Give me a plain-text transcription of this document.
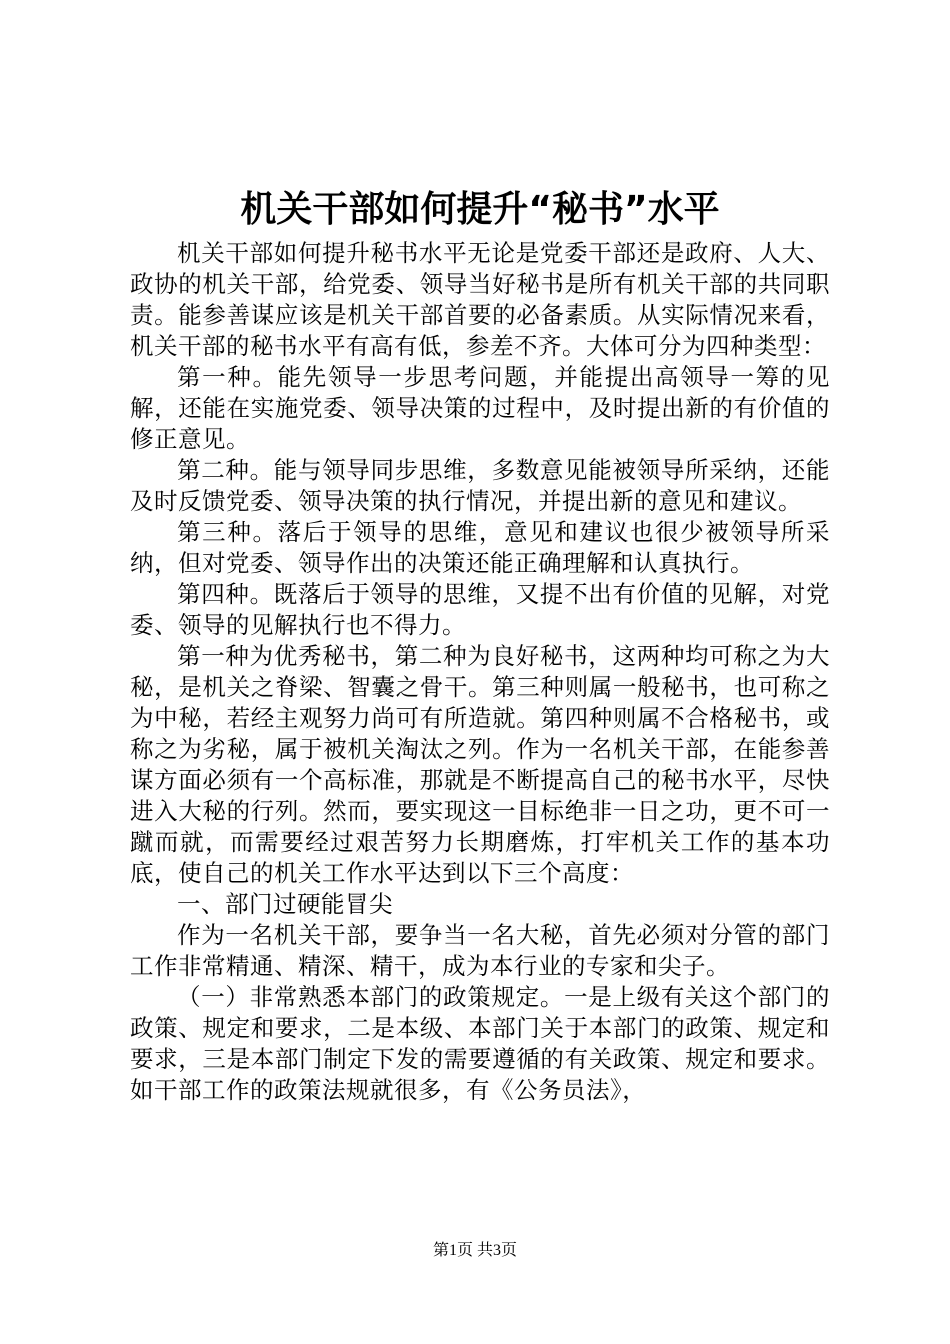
机关干部如何提升“秘书”水平

机关干部如何提升秘书水平无论是党委干部还是政府、人大、政协的机关干部，给党委、领导当好秘书是所有机关干部的共同职责。能参善谋应该是机关干部首要的必备素质。从实际情况来看，机关干部的秘书水平有高有低，参差不齐。大体可分为四种类型：

第一种。能先领导一步思考问题，并能提出高领导一筹的见解，还能在实施党委、领导决策的过程中，及时提出新的有价值的修正意见。

第二种。能与领导同步思维，多数意见能被领导所采纳，还能及时反馈党委、领导决策的执行情况，并提出新的意见和建议。

第三种。落后于领导的思维，意见和建议也很少被领导所采纳，但对党委、领导作出的决策还能正确理解和认真执行。

第四种。既落后于领导的思维，又提不出有价值的见解，对党委、领导的见解执行也不得力。

第一种为优秀秘书，第二种为良好秘书，这两种均可称之为大秘，是机关之脊梁、智囊之骨干。第三种则属一般秘书，也可称之为中秘，若经主观努力尚可有所造就。第四种则属不合格秘书，或称之为劣秘，属于被机关淘汰之列。作为一名机关干部，在能参善谋方面必须有一个高标准，那就是不断提高自己的秘书水平，尽快进入大秘的行列。然而，要实现这一目标绝非一日之功，更不可一蹴而就，而需要经过艰苦努力长期磨炼，打牢机关工作的基本功底，使自己的机关工作水平达到以下三个高度：

一、部门过硬能冒尖

作为一名机关干部，要争当一名大秘，首先必须对分管的部门工作非常精通、精深、精干，成为本行业的专家和尖子。

（一）非常熟悉本部门的政策规定。一是上级有关这个部门的政策、规定和要求，二是本级、本部门关于本部门的政策、规定和要求，三是本部门制定下发的需要遵循的有关政策、规定和要求。如干部工作的政策法规就很多，有《公务员法》，

第1页 共3页
